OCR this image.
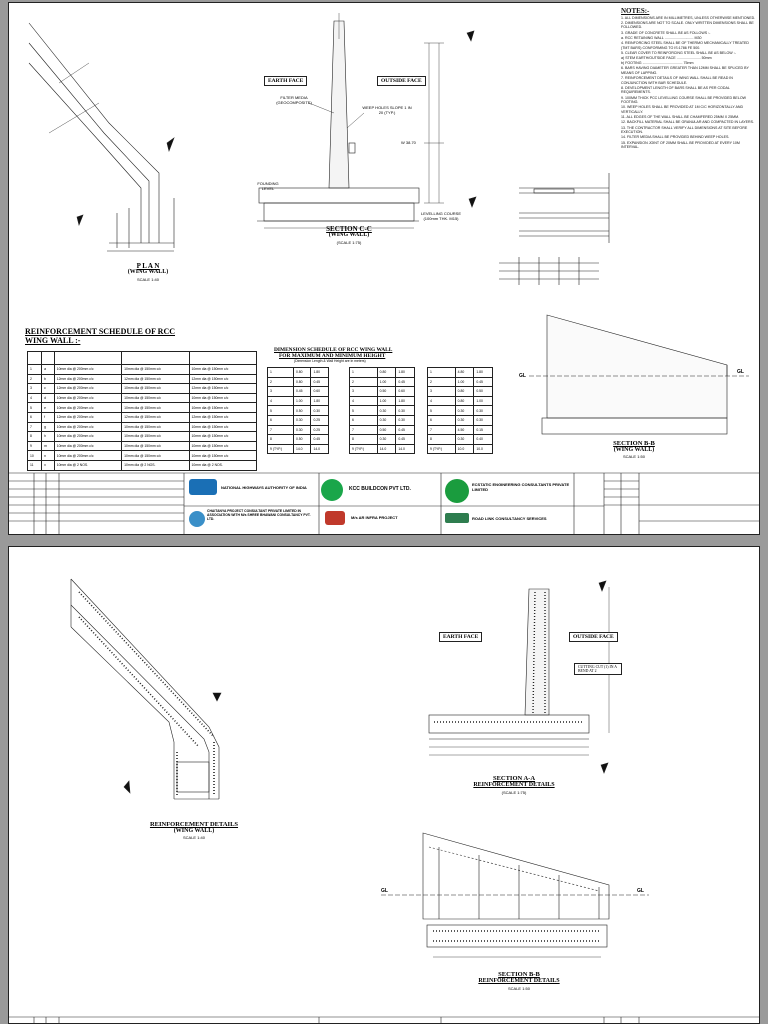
NOTES:-
1. ALL DIMENSIONS ARE IN MILLIMETRES, UNLESS OTHERWISE MENTIONED.
2. DIMENSIONS ARE NOT TO SCALE. ONLY WRITTEN DIMENSIONS SHALL BE FOLLOWED.
3. GRADE OF CONCRETE SHALL BE AS FOLLOWS :-
a. RCC RETAINING WALL ............................. M30
4. REINFORCING STEEL SHALL BE OF THERMO MECHANICALLY TREATED (TMT BARS) CONFORMING TO IS:1786 FE 500.
5. CLEAR COVER TO REINFORCING STEEL SHALL BE AS BELOW :-
a) STEM EARTH/OUTSIDE FACE ........................ 50mm
b) FOOTING ........................................ 75mm
6. BARS HAVING DIAMETER GREATER THAN 12MM SHALL BE SPLICED BY MEANS OF LAPPING.
7. REINFORCEMENT DETAILS OF WING WALL SHALL BE READ IN CONJUNCTION WITH BAR SCHEDULE.
8. DEVELOPMENT LENGTH OF BARS SHALL BE AS PER CODAL REQUIREMENTS.
9. 100MM THICK PCC LEVELLING COURSE SHALL BE PROVIDED BELOW FOOTING.
10. WEEP HOLES SHALL BE PROVIDED AT 1M C/C HORIZONTALLY AND VERTICALLY.
11. ALL EDGES OF THE WALL SHALL BE CHAMFERED 25MM X 25MM.
12. BACKFILL MATERIAL SHALL BE GRANULAR AND COMPACTED IN LAYERS.
13. THE CONTRACTOR SHALL VERIFY ALL DIMENSIONS AT SITE BEFORE EXECUTION.
14. FILTER MEDIA SHALL BE PROVIDED BEHIND WEEP HOLES.
15. EXPANSION JOINT OF 20MM SHALL BE PROVIDED AT EVERY 10M INTERVAL.
EARTH FACE	OUTSIDE FACE
FILTER MEDIA (GEOCOMPOSITE)
WEEP HOLES SLOPE 1 IN 20 (TYP.)
W 38.70
FOUNDING LEVEL
LEVELLING COURSE (100mm THK. M15)
P L A N
(WING WALL)
SCALE 1:40
SECTION C-C
(WING WALL)
(SCALE 1:75)
GL
GL
SECTION B-B
(WING WALL)
SCALE 1:50
REINFORCEMENT SCHEDULE OF RCC
WING WALL :-

1	a	10mm dia @ 200mm c/c	10mm dia @ 150mm c/c	10mm dia @ 150mm c/c
2	b	12mm dia @ 200mm c/c	12mm dia @ 150mm c/c	12mm dia @ 150mm c/c
3	c	12mm dia @ 200mm c/c	10mm dia @ 150mm c/c	12mm dia @ 150mm c/c
4	d	10mm dia @ 200mm c/c	10mm dia @ 150mm c/c	10mm dia @ 150mm c/c
5	e	10mm dia @ 200mm c/c	10mm dia @ 150mm c/c	10mm dia @ 150mm c/c
6	f	12mm dia @ 200mm c/c	12mm dia @ 150mm c/c	12mm dia @ 150mm c/c
7	g	10mm dia @ 200mm c/c	10mm dia @ 150mm c/c	10mm dia @ 150mm c/c
8	h	10mm dia @ 200mm c/c	10mm dia @ 150mm c/c	10mm dia @ 150mm c/c
9	m	10mm dia @ 200mm c/c	10mm dia @ 150mm c/c	10mm dia @ 150mm c/c
10	n	10mm dia @ 200mm c/c	10mm dia @ 150mm c/c	10mm dia @ 150mm c/c
11	x	10mm dia @ 2 NOS.	10mm dia @ 2 NOS.	10mm dia @ 2 NOS.
DIMENSION SCHEDULE OF RCC WING WALL
FOR MAXIMUM AND MINIMUM HEIGHT
(Dimension Length & Wall Height are in meters)
1	0.80	1.80
2	0.80	0.45
3	0.45	0.60
4	1.00	1.80
5	0.50	0.30
6	0.30	0.25
7	0.30	0.25
8	0.50	0.45
9 (TYP.)	14.0	14.0
1	0.80	1.80
2	1.00	0.45
3	0.50	0.60
4	1.00	1.80
5	0.30	0.30
6	0.30	0.30
7	0.50	0.45
8	0.30	0.45
9 (TYP.)	14.0	14.0
1	4.80	1.80
2	1.00	0.45
3	0.80	0.50
4	0.80	1.00
5	0.30	0.30
6	0.30	0.30
7	4.50	0.15
8	0.30	0.40
9 (TYP.)	10.0	10.0
NATIONAL HIGHWAYS AUTHORITY OF INDIA	KCC BUILDCON PVT LTD.
ECSTATIC ENGINEERING CONSULTANTS PRIVATE LIMITED
CHAITANYA PROJECT CONSULTANT PRIVATE LIMITED IN ASSOCIATION WITH M/s SHREE BHAWANI CONSULTANCY PVT. LTD.	M/s AR INFRA PROJECT	ROAD LINK CONSULTANCY SERVICES
EARTH FACE	OUTSIDE FACE
CUTTING CUT (1) IN A BEND AT 2
REINFORCEMENT DETAILS
(WING WALL)
SCALE 1:40
SECTION A-A
REINFORCEMENT DETAILS
(SCALE 1:75)
GL	GL
SECTION B-B
REINFORCEMENT DETAILS
SCALE 1:50
